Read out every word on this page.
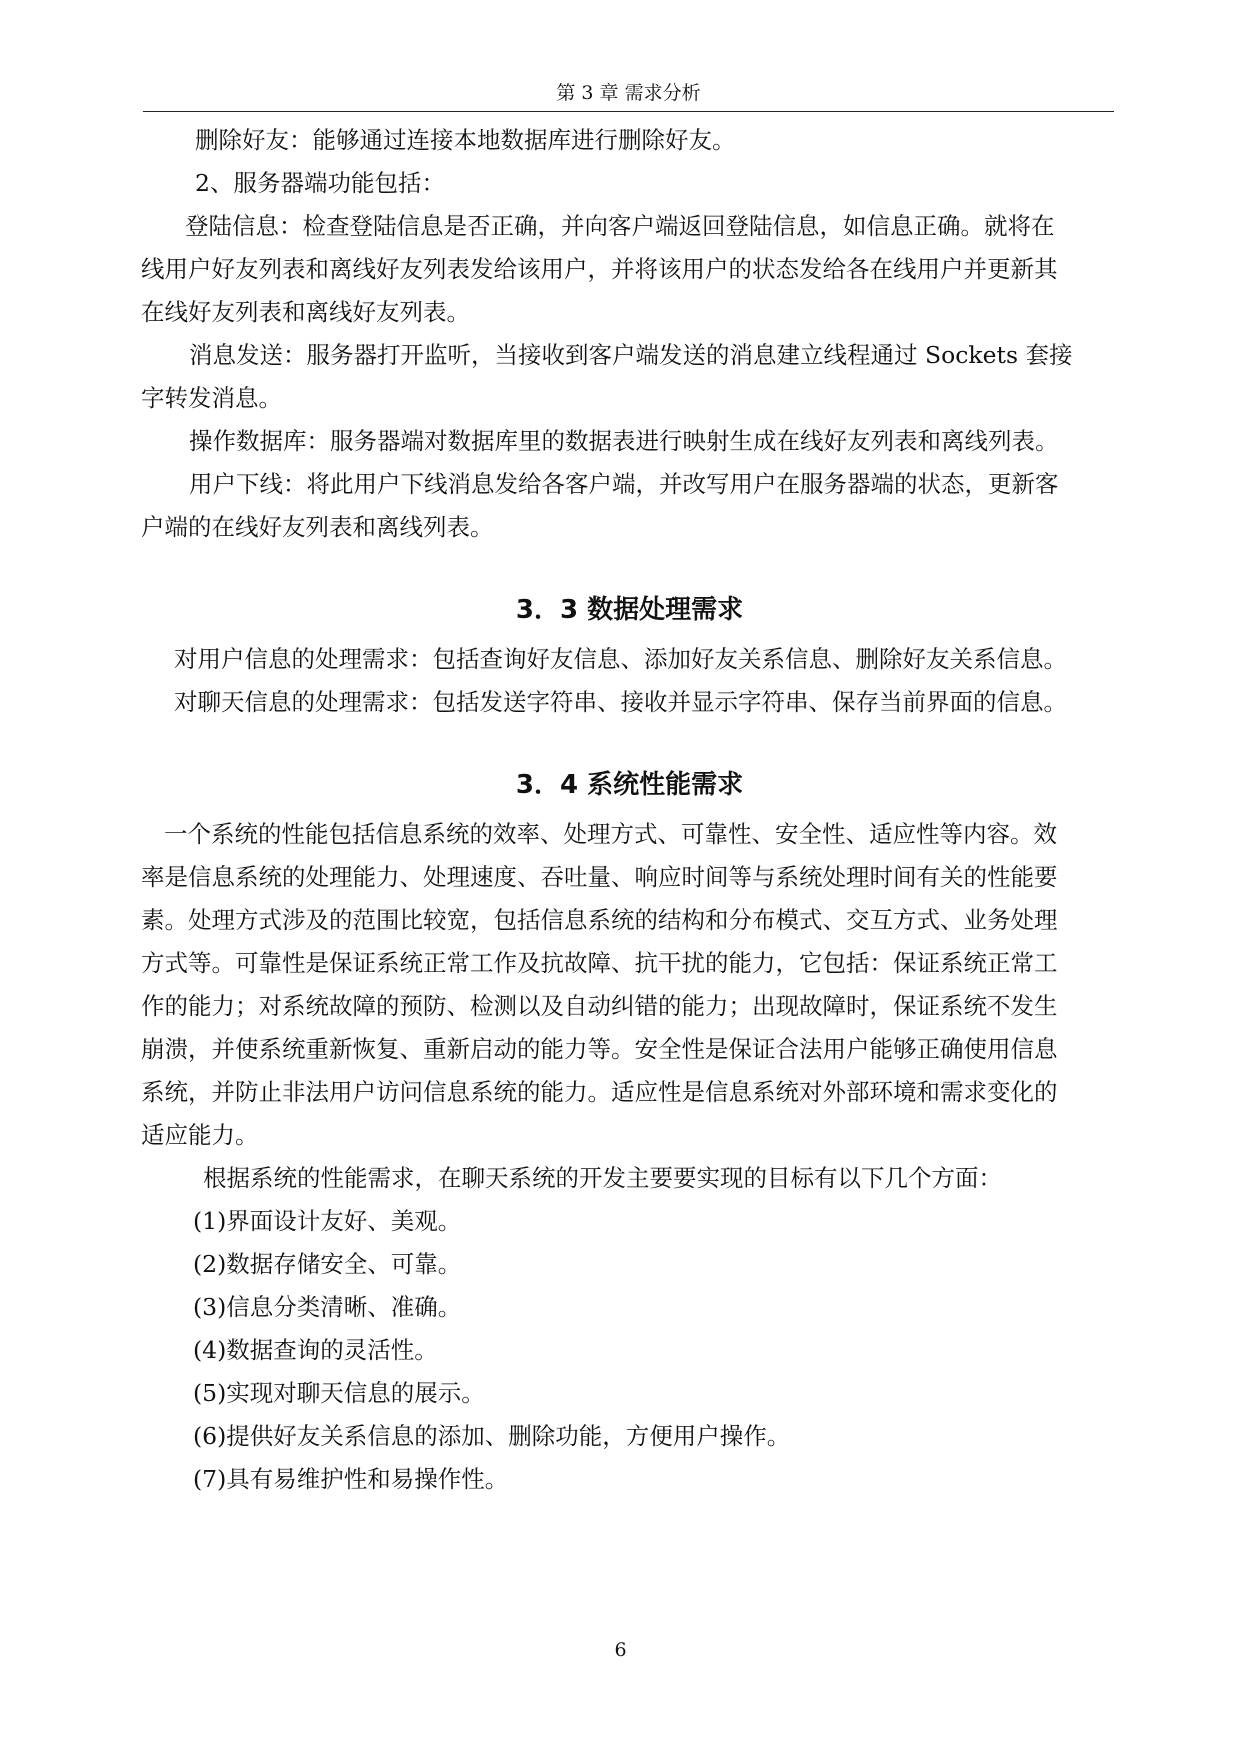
第 3 章 需求分析

删除好友：能够通过连接本地数据库进行删除好友。

2、服务器端功能包括：

登陆信息：检查登陆信息是否正确，并向客户端返回登陆信息，如信息正确。就将在
线用户好友列表和离线好友列表发给该用户，并将该用户的状态发给各在线用户并更新其
在线好友列表和离线好友列表。

消息发送：服务器打开监听，当接收到客户端发送的消息建立线程通过 Sockets 套接
字转发消息。

操作数据库：服务器端对数据库里的数据表进行映射生成在线好友列表和离线列表。

用户下线：将此用户下线消息发给各客户端，并改写用户在服务器端的状态，更新客
户端的在线好友列表和离线列表。

3．3 数据处理需求

对用户信息的处理需求：包括查询好友信息、添加好友关系信息、删除好友关系信息。

对聊天信息的处理需求：包括发送字符串、接收并显示字符串、保存当前界面的信息。

3．4 系统性能需求

一个系统的性能包括信息系统的效率、处理方式、可靠性、安全性、适应性等内容。效
率是信息系统的处理能力、处理速度、吞吐量、响应时间等与系统处理时间有关的性能要
素。处理方式涉及的范围比较宽，包括信息系统的结构和分布模式、交互方式、业务处理
方式等。可靠性是保证系统正常工作及抗故障、抗干扰的能力，它包括：保证系统正常工
作的能力；对系统故障的预防、检测以及自动纠错的能力；出现故障时，保证系统不发生
崩溃，并使系统重新恢复、重新启动的能力等。安全性是保证合法用户能够正确使用信息
系统，并防止非法用户访问信息系统的能力。适应性是信息系统对外部环境和需求变化的
适应能力。

根据系统的性能需求，在聊天系统的开发主要要实现的目标有以下几个方面：

(1)界面设计友好、美观。

(2)数据存储安全、可靠。

(3)信息分类清晰、准确。

(4)数据查询的灵活性。

(5)实现对聊天信息的展示。

(6)提供好友关系信息的添加、删除功能，方便用户操作。

(7)具有易维护性和易操作性。

6
